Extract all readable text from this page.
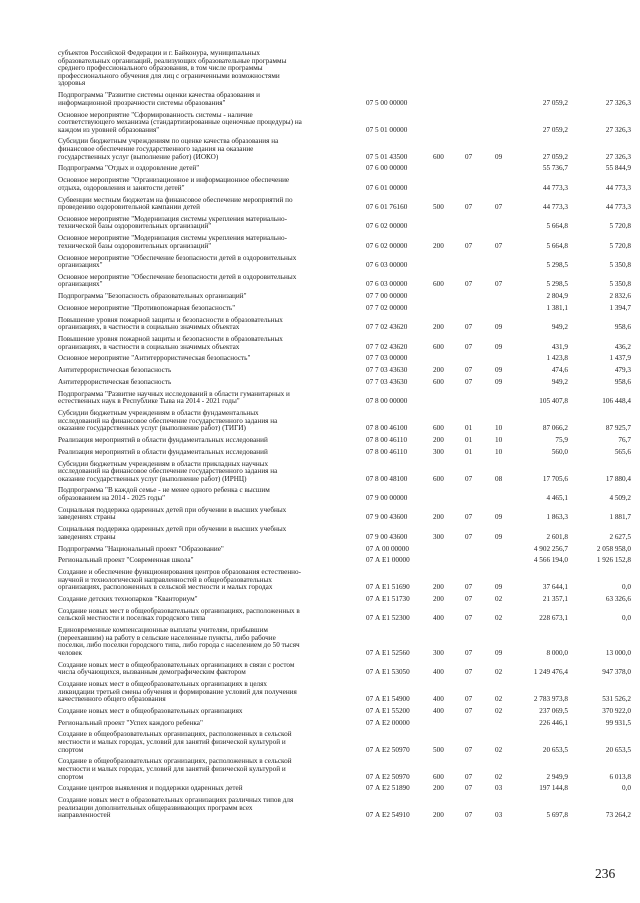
субъектов Российской Федерации и г. Байконура, муниципальных
образовательных организаций, реализующих образовательные программы
среднего профессионального образования, в том числе программы
профессионального обучения для лиц с ограниченными возможностями
здоровья
Подпрограмма "Развитие системы оценки качества образования и
информационной прозрачности системы образования"	07 5 00 00000	27 059,2	27 326,3
Основное мероприятие "Сформированность системы - наличие
соответствующего механизма (стандартизированные оценочные процедуры) на
каждом из уровней образования"	07 5 01 00000	27 059,2	27 326,3
Субсидии бюджетным учреждениям по оценке качества образования на
финансовое обеспечение государственного задания на оказание
государственных услуг (выполнение работ) (ИОКО)	07 5 01 43500	600	07	09	27 059,2	27 326,3
Подпрограмма "Отдых и оздоровление детей"	07 6 00 00000	55 736,7	55 844,9
Основное мероприятие "Организационное и информационное обеспечение
отдыха, оздоровления и занятости детей"	07 6 01 00000	44 773,3	44 773,3
Субвенции местным бюджетам на финансовое обеспечение мероприятий по
проведению оздоровительной кампании детей	07 6 01 76160	500	07	07	44 773,3	44 773,3
Основное мероприятие "Модернизация системы укрепления материально-
технической базы оздоровительных организаций"	07 6 02 00000	5 664,8	5 720,8
Основное мероприятие "Модернизация системы укрепления материально-
технической базы оздоровительных организаций"	07 6 02 00000	200	07	07	5 664,8	5 720,8
Основное мероприятие "Обеспечение безопасности детей в оздоровительных
организациях"	07 6 03 00000	5 298,5	5 350,8
Основное мероприятие "Обеспечение безопасности детей в оздоровительных
организациях"	07 6 03 00000	600	07	07	5 298,5	5 350,8
Подпрограмма "Безопасность образовательных организаций"	07 7 00 00000	2 804,9	2 832,6
Основное мероприятие "Противопожарная безопасность"	07 7 02 00000	1 381,1	1 394,7
Повышение уровня пожарной защиты и безопасности в образовательных
организациях, в частности в социально значимых объектах	07 7 02 43620	200	07	09	949,2	958,6
Повышение уровня пожарной защиты и безопасности в образовательных
организациях, в частности в социально значимых объектах	07 7 02 43620	600	07	09	431,9	436,2
Основное мероприятие "Антитеррористическая безопасность"	07 7 03 00000	1 423,8	1 437,9
Антитеррористическая безопасность	07 7 03 43630	200	07	09	474,6	479,3
Антитеррористическая безопасность	07 7 03 43630	600	07	09	949,2	958,6
Подпрограмма "Развитие научных исследований в области гуманитарных и
естественных наук в Республике Тыва на 2014 - 2021 годы"	07 8 00 00000	105 407,8	106 448,4
Субсидии бюджетным учреждениям в области фундаментальных
исследований на финансовое обеспечение государственного задания на
оказание государственных услуг (выполнение работ) (ТИГИ)	07 8 00 46100	600	01	10	87 066,2	87 925,7
Реализация мероприятий в области фундаментальных исследований	07 8 00 46110	200	01	10	75,9	76,7
Реализация мероприятий в области фундаментальных исследований	07 8 00 46110	300	01	10	560,0	565,6
Субсидии бюджетным учреждениям в области прикладных научных
исследований на финансовое обеспечение государственного задания на
оказание государственных услуг (выполнение работ) (ИРНЦ)	07 8 00 48100	600	07	08	17 705,6	17 880,4
Подпрограмма "В каждой семье - не менее одного ребенка с высшим
образованием на 2014 - 2025 годы"	07 9 00 00000	4 465,1	4 509,2
Социальная поддержка одаренных детей при обучении в высших учебных
заведениях страны	07 9 00 43600	200	07	09	1 863,3	1 881,7
Социальная поддержка одаренных детей при обучении в высших учебных
заведениях страны	07 9 00 43600	300	07	09	2 601,8	2 627,5
Подпрограмма "Национальный проект "Образование"	07 А 00 00000	4 902 256,7	2 058 958,0
Региональный проект "Современная школа"	07 А Е1 00000	4 566 194,0	1 926 152,8
Создание и обеспечение функционирования центров образования естественно-
научной и технологической направленностей в общеобразовательных
организациях, расположенных в сельской местности и малых городах	07 А Е1 51690	200	07	09	37 644,1	0,0
Создание детских технопарков "Кванториум"	07 А Е1 51730	200	07	02	21 357,1	63 326,6
Создание новых мест в общеобразовательных организациях, расположенных в
сельской местности и поселках городского типа	07 А Е1 52300	400	07	02	228 673,1	0,0
Единовременные компенсационные выплаты учителям, прибывшим
(переехавшим) на работу в сельские населенные пункты, либо рабочие
поселки, либо поселки городского типа, либо города с населением до 50 тысяч
человек	07 А Е1 52560	300	07	09	8 000,0	13 000,0
Создание новых мест в общеобразовательных организациях в связи с ростом
числа обучающихся, вызванным демографическим фактором	07 А Е1 53050	400	07	02	1 249 476,4	947 378,0
Создание новых мест в общеобразовательных организациях в целях
ликвидации третьей смены обучения и формирование условий для получения
качественного общего образования	07 А Е1 54900	400	07	02	2 783 973,8	531 526,2
Создание новых мест в общеобразовательных организациях	07 А Е1 55200	400	07	02	237 069,5	370 922,0
Региональный проект "Успех каждого ребенка"	07 А Е2 00000	226 446,1	99 931,5
Создание в общеобразовательных организациях, расположенных в сельской
местности и малых городах, условий для занятий физической культурой и
спортом	07 А Е2 50970	500	07	02	20 653,5	20 653,5
Создание в общеобразовательных организациях, расположенных в сельской
местности и малых городах, условий для занятий физической культурой и
спортом	07 А Е2 50970	600	07	02	2 949,9	6 013,8
Создание центров выявления и поддержки одаренных детей	07 А Е2 51890	200	07	03	197 144,8	0,0
Создание новых мест в образовательных организациях различных типов для
реализации дополнительных общеразвивающих программ всех
направленностей	07 А Е2 54910	200	07	03	5 697,8	73 264,2
236
